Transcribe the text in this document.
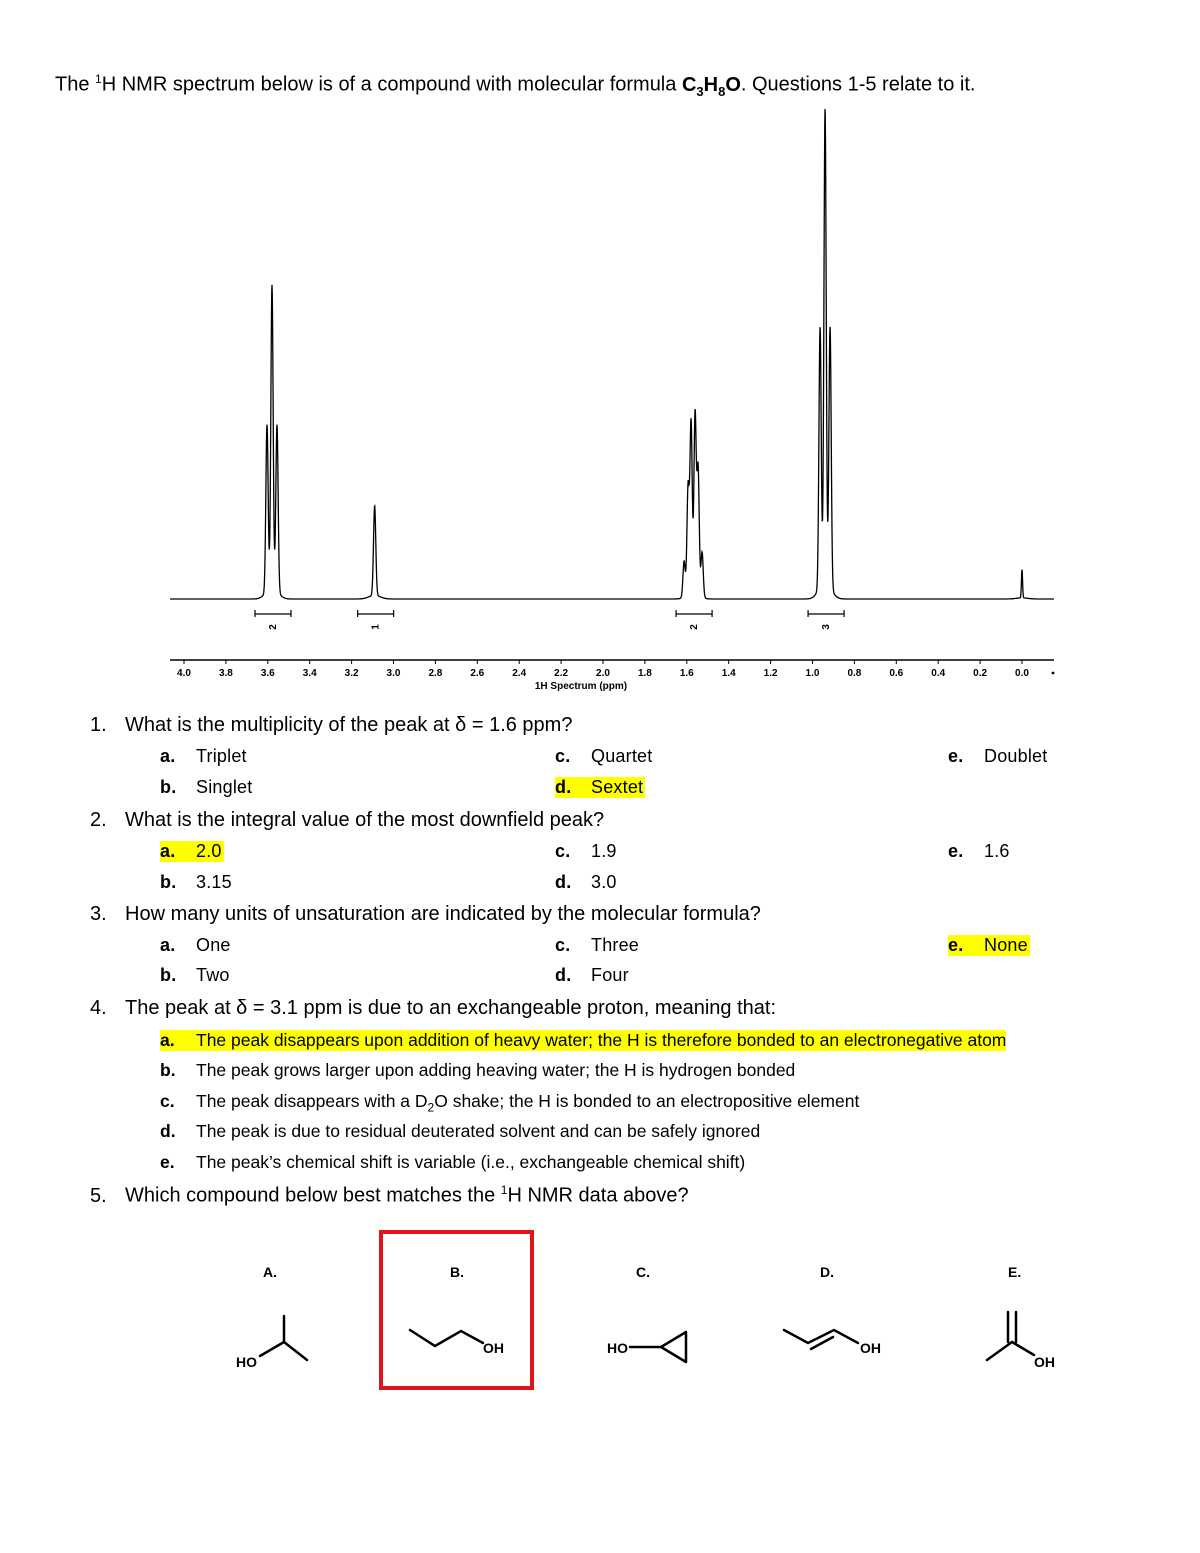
The $^1$H NMR spectrum below is of a compound with molecular formula $C_3H_8O$. Questions 1-5 relate to it.
4.0	3.8	3.6	3.4	3.2	3.0	2.8	2.6	2.4	2.2	2.0	1.8	1.6	1.4	1.2	1.0	0.8	0.6	0.4	0.2	0.0
1H Spectrum (ppm)
2	1	2	3
1. What is the multiplicity of the peak at δ = 1.6 ppm?
a. Triplet
b. Singlet
c. Quartet
d. Sextet
e. Doublet
2. What is the integral value of the most downfield peak?
a. 2.0
b. 3.15
c. 1.9
d. 3.0
e. 1.6
3. How many units of unsaturation are indicated by the molecular formula?
a. One
b. Two
c. Three
d. Four
e. None
4. The peak at δ = 3.1 ppm is due to an exchangeable proton, meaning that:
a. The peak disappears upon addition of heavy water; the H is therefore bonded to an electronegative atom
b. The peak grows larger upon adding heaving water; the H is hydrogen bonded
c. The peak disappears with a $D_2O$ shake; the H is bonded to an electropositive element
d. The peak is due to residual deuterated solvent and can be safely ignored
e. The peak’s chemical shift is variable (i.e., exchangeable chemical shift)
5. Which compound below best matches the $^1$H NMR data above?
A.	B.	C.	D.	E.
HO
OH	HO	OH
OH
